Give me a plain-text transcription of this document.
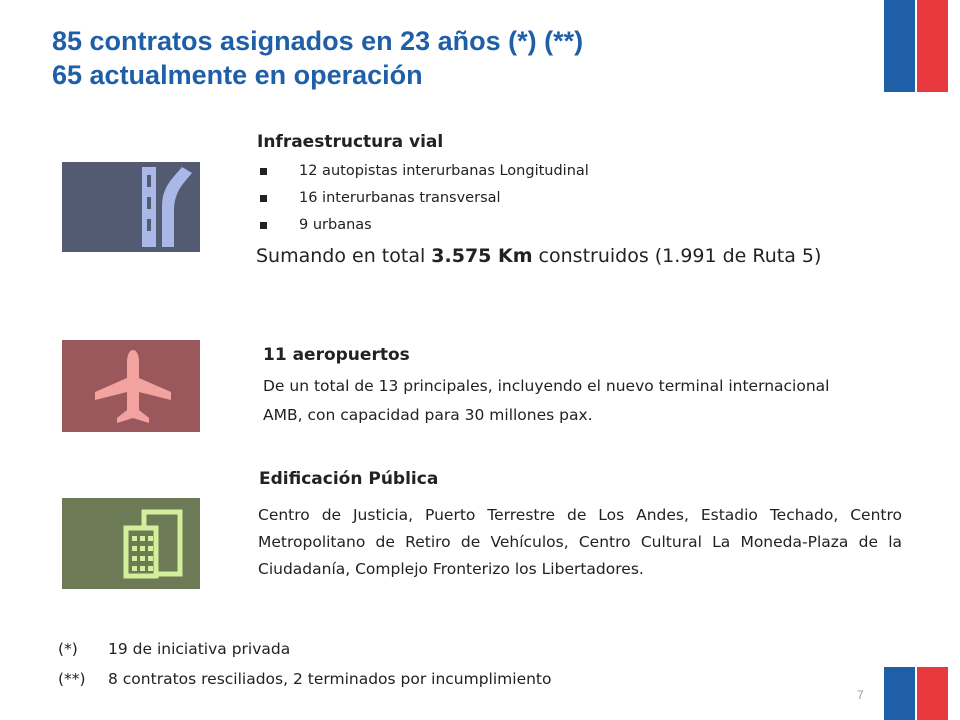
85 contratos asignados en 23 años (*) (**)
65 actualmente en operación
Infraestructura vial
12 autopistas interurbanas Longitudinal
16 interurbanas transversal
9 urbanas
Sumando en total 3.575 Km construidos (1.991 de Ruta 5)
11 aeropuertos
De un total de 13 principales, incluyendo el nuevo terminal internacional AMB, con capacidad para 30 millones pax.
Edificación Pública
Centro de Justicia, Puerto Terrestre de Los Andes, Estadio Techado, Centro Metropolitano de Retiro de Vehículos, Centro Cultural La Moneda-Plaza de la Ciudadanía, Complejo Fronterizo los Libertadores.
(*) 19 de iniciativa privada
(**) 8 contratos resciliados, 2 terminados por incumplimiento
7
